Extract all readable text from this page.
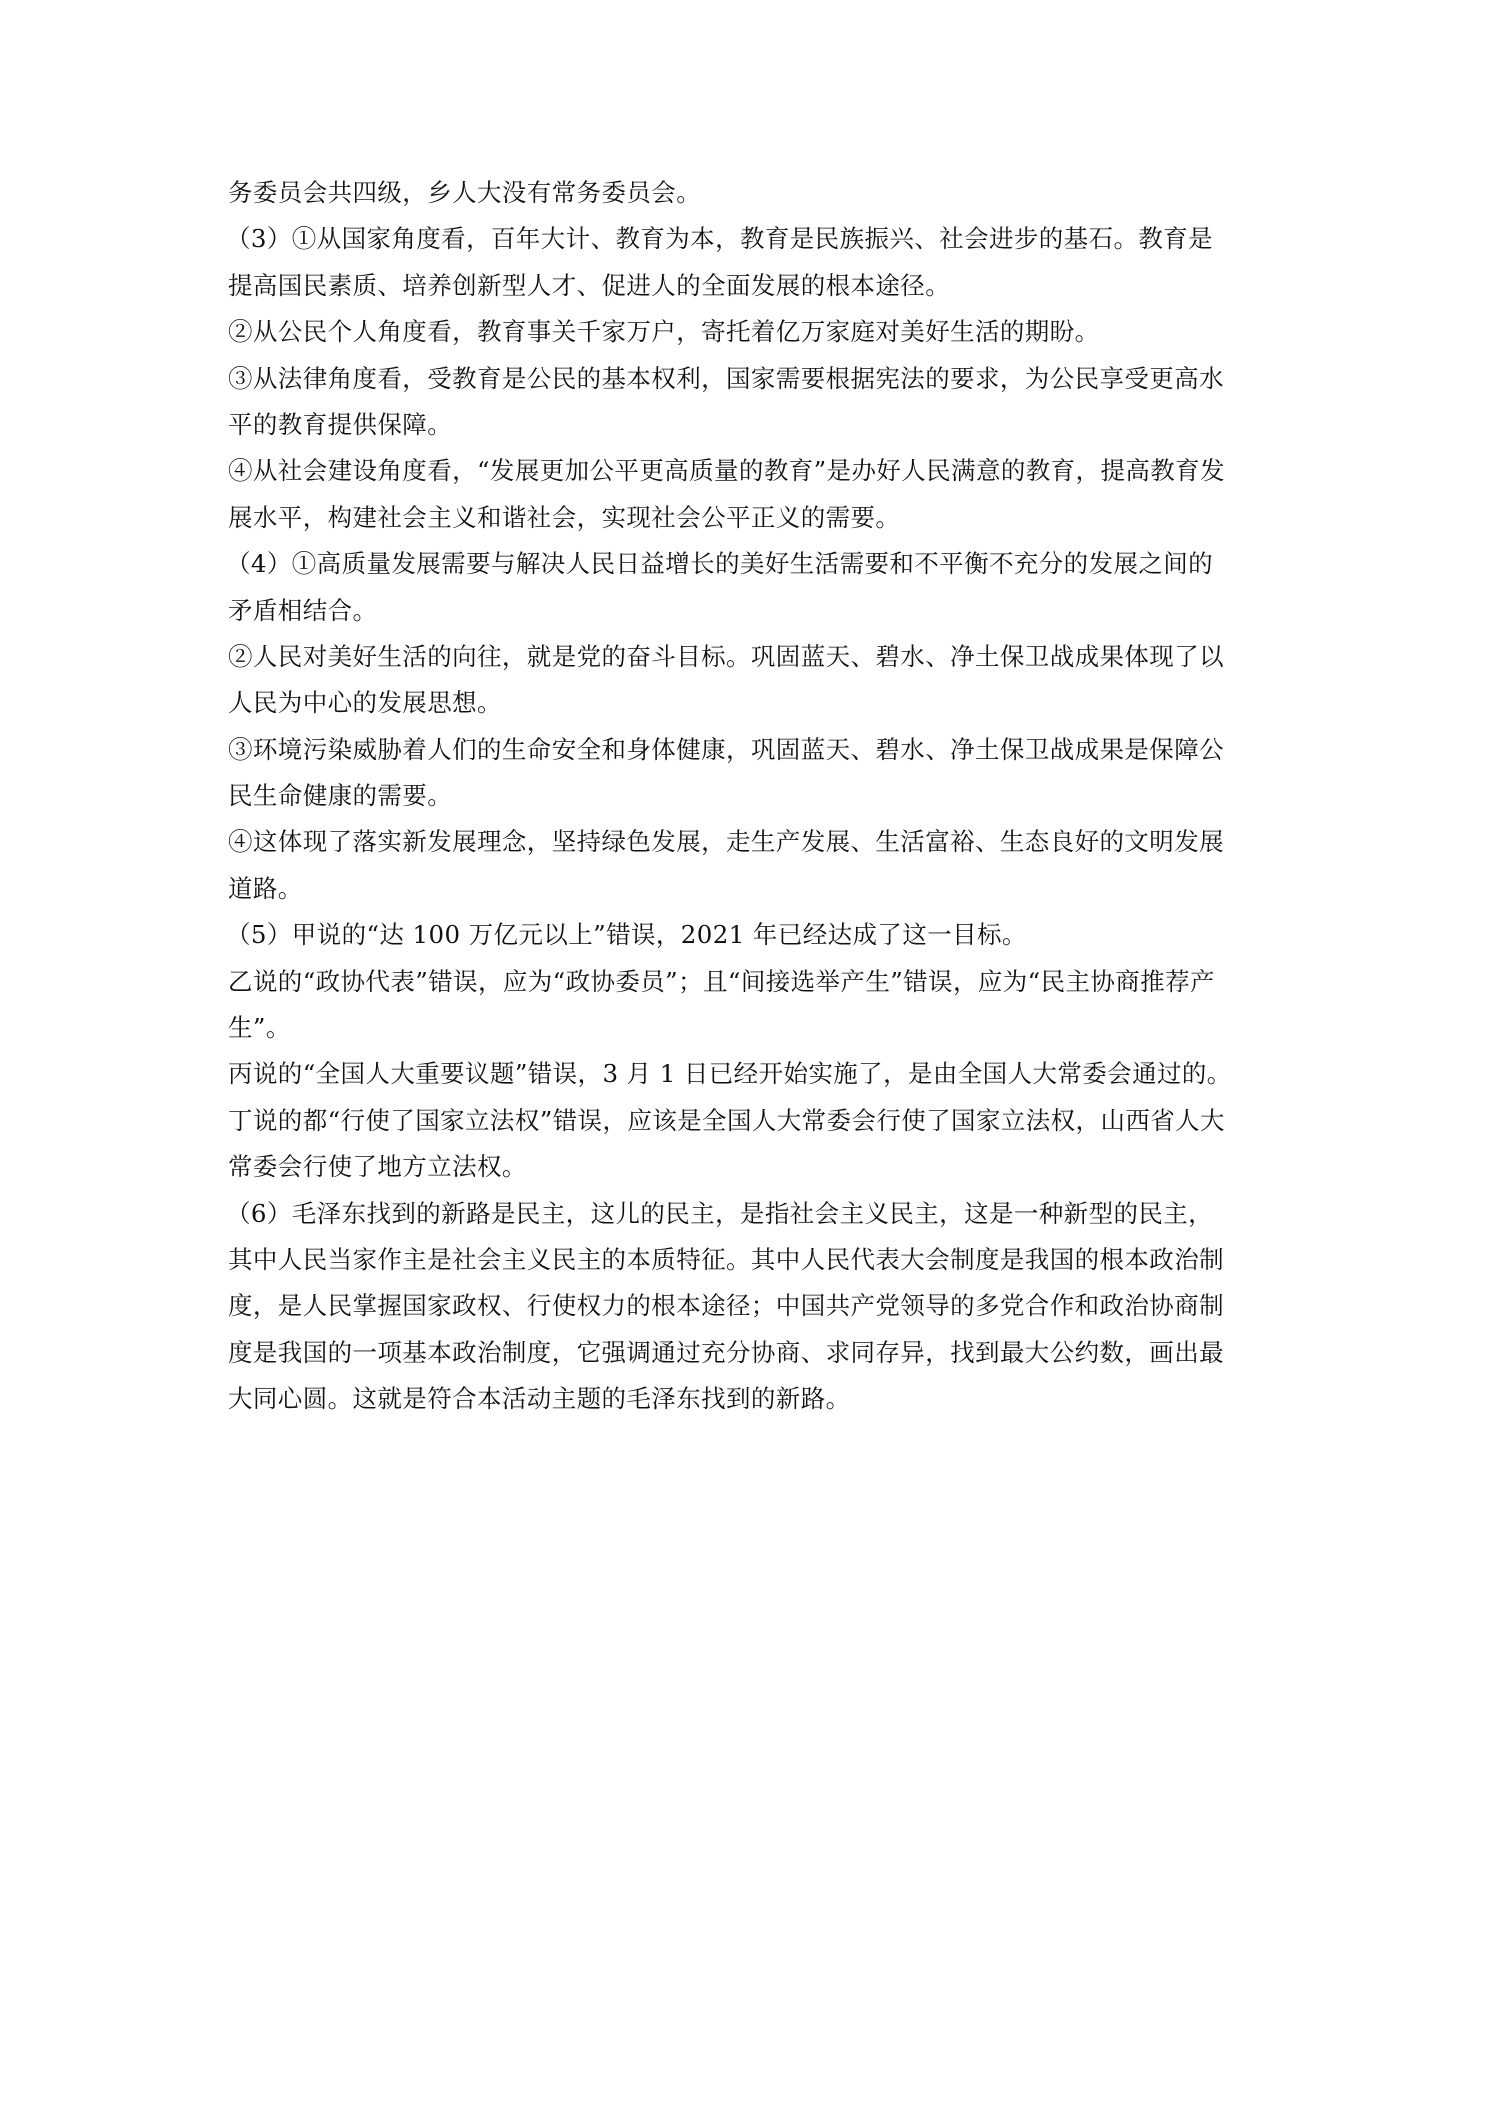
务委员会共四级，乡人大没有常务委员会。
（3）①从国家角度看，百年大计、教育为本，教育是民族振兴、社会进步的基石。教育是
提高国民素质、培养创新型人才、促进人的全面发展的根本途径。
②从公民个人角度看，教育事关千家万户，寄托着亿万家庭对美好生活的期盼。
③从法律角度看，受教育是公民的基本权利，国家需要根据宪法的要求，为公民享受更高水
平的教育提供保障。
④从社会建设角度看，“发展更加公平更高质量的教育”是办好人民满意的教育，提高教育发
展水平，构建社会主义和谐社会，实现社会公平正义的需要。
（4）①高质量发展需要与解决人民日益增长的美好生活需要和不平衡不充分的发展之间的
矛盾相结合。
②人民对美好生活的向往，就是党的奋斗目标。巩固蓝天、碧水、净土保卫战成果体现了以
人民为中心的发展思想。
③环境污染威胁着人们的生命安全和身体健康，巩固蓝天、碧水、净土保卫战成果是保障公
民生命健康的需要。
④这体现了落实新发展理念，坚持绿色发展，走生产发展、生活富裕、生态良好的文明发展
道路。
（5）甲说的“达 100 万亿元以上”错误，2021 年已经达成了这一目标。
乙说的“政协代表”错误，应为“政协委员”；且“间接选举产生”错误，应为“民主协商推荐产
生”。
丙说的“全国人大重要议题”错误，3 月 1 日已经开始实施了，是由全国人大常委会通过的。
丁说的都“行使了国家立法权”错误，应该是全国人大常委会行使了国家立法权，山西省人大
常委会行使了地方立法权。
（6）毛泽东找到的新路是民主，这儿的民主，是指社会主义民主，这是一种新型的民主，
其中人民当家作主是社会主义民主的本质特征。其中人民代表大会制度是我国的根本政治制
度，是人民掌握国家政权、行使权力的根本途径；中国共产党领导的多党合作和政治协商制
度是我国的一项基本政治制度，它强调通过充分协商、求同存异，找到最大公约数，画出最
大同心圆。这就是符合本活动主题的毛泽东找到的新路。
